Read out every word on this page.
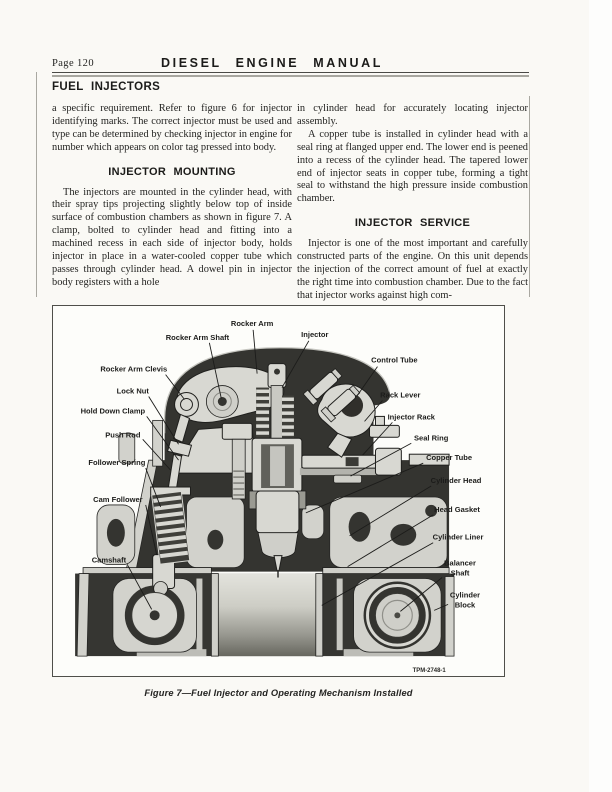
Page 120	DIESEL ENGINE MANUAL
FUEL INJECTORS

a specific requirement. Refer to figure 6 for injector identifying marks. The correct injector must be used and type can be determined by checking injector in engine for number which appears on color tag pressed into body.

INJECTOR MOUNTING

The injectors are mounted in the cylinder head, with their spray tips projecting slightly below top of inside surface of combustion chambers as shown in figure 7. A clamp, bolted to cylinder head and fitting into a machined recess in each side of injector body, holds injector in place in a water-cooled copper tube which passes through cylinder head. A dowel pin in injector body registers with a hole

in cylinder head for accurately locating injector assembly.

A copper tube is installed in cylinder head with a seal ring at flanged upper end. The lower end is peened into a recess of the cylinder head. The tapered lower end of injector seats in copper tube, forming a tight seal to withstand the high pressure inside combustion chamber.

INJECTOR SERVICE

Injector is one of the most important and carefully constructed parts of the engine. On this unit depends the injection of the correct amount of fuel at exactly the right time into combustion chamber. Due to the fact that injector works against high com-

Rocker Arm
Rocker Arm Shaft	Injector
Control Tube
Rocker Arm Clevis
Lock Nut	Rack Lever
Hold Down Clamp
Injector Rack
Push Rod	Seal Ring
Follower Spring
Copper Tube
Cam Follower
Cylinder Head
Head Gasket
Camshaft
Cylinder Liner
Balancer
Shaft
Cylinder
Block
TPM-2748-1
Figure 7—Fuel Injector and Operating Mechanism Installed
